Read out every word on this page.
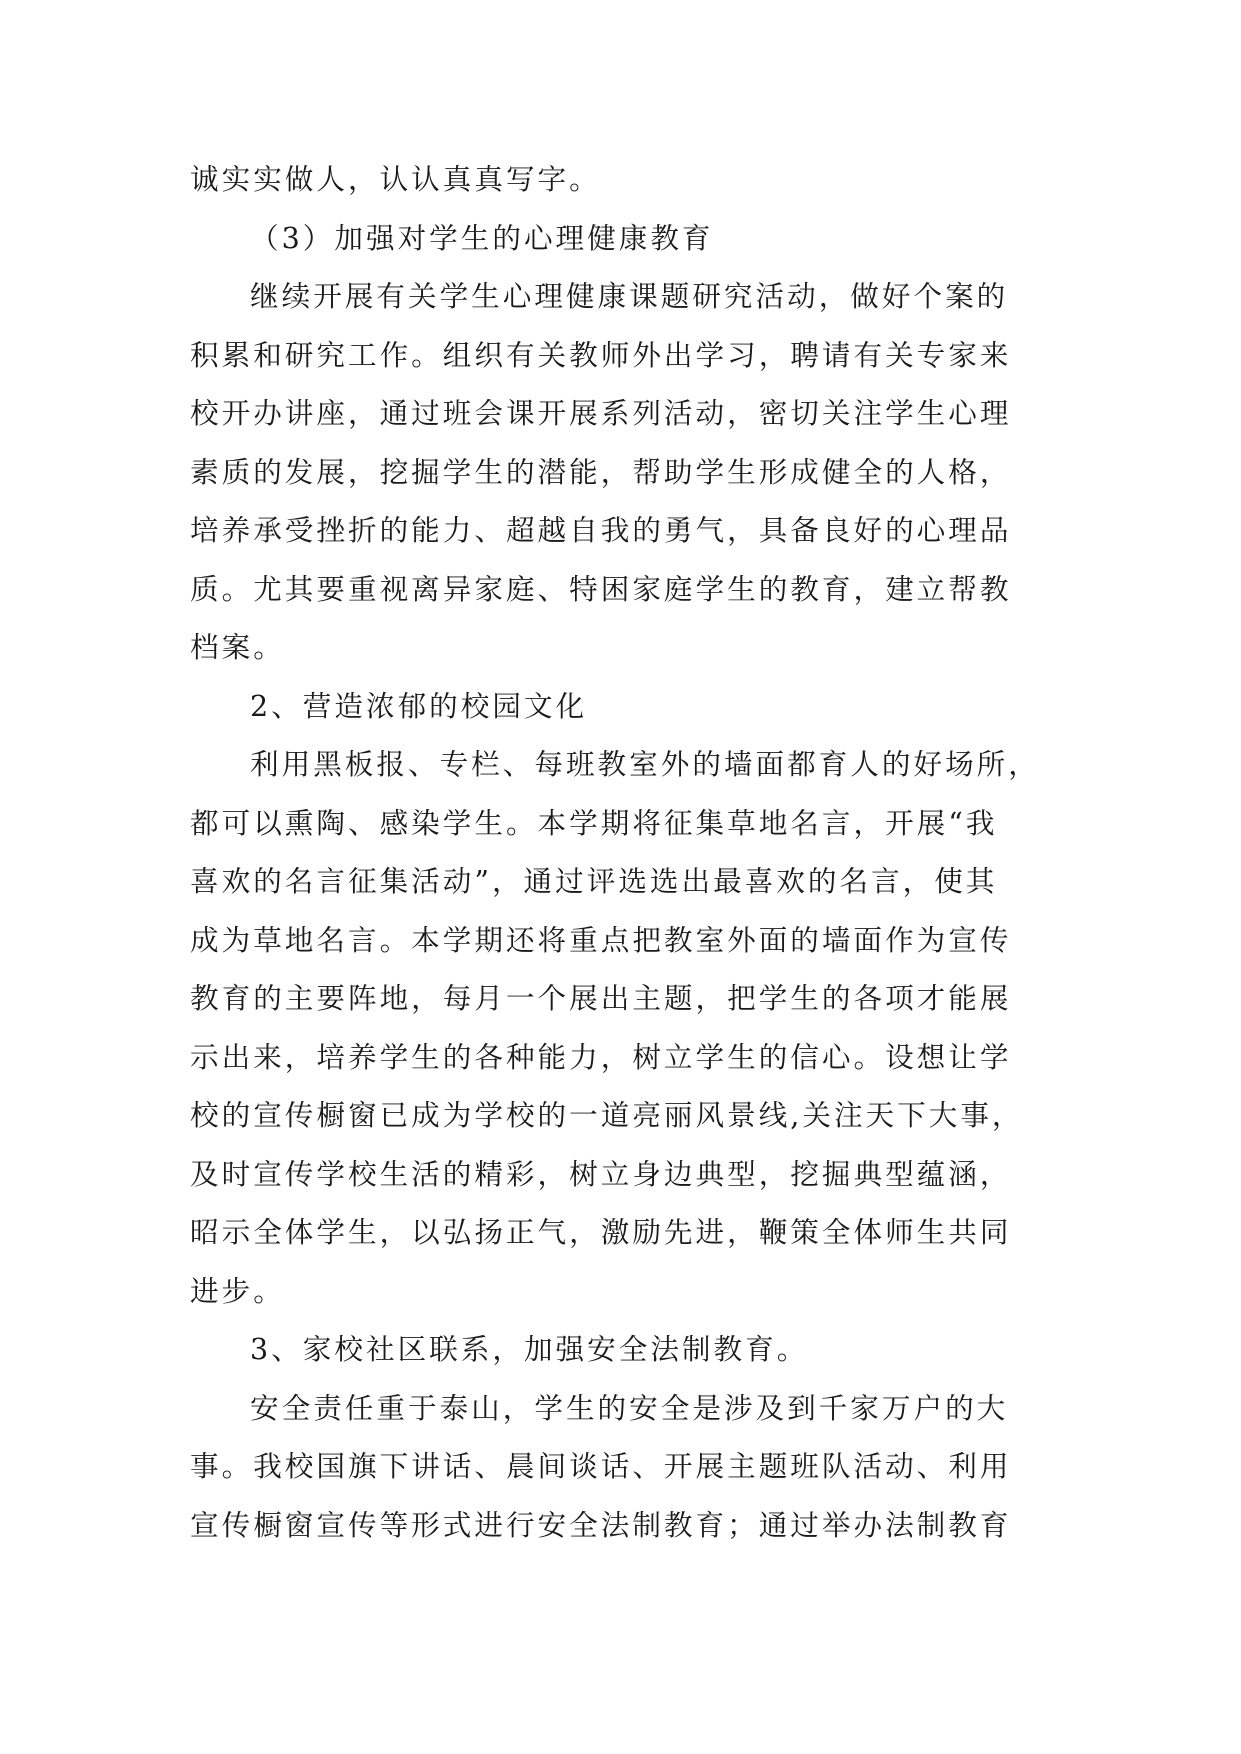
诚实实做人，认认真真写字。
（3）加强对学生的心理健康教育
继续开展有关学生心理健康课题研究活动，做好个案的
积累和研究工作。组织有关教师外出学习，聘请有关专家来
校开办讲座，通过班会课开展系列活动，密切关注学生心理
素质的发展，挖掘学生的潜能，帮助学生形成健全的人格，
培养承受挫折的能力、超越自我的勇气，具备良好的心理品
质。尤其要重视离异家庭、特困家庭学生的教育，建立帮教
档案。
2、营造浓郁的校园文化
利用黑板报、专栏、每班教室外的墙面都育人的好场所，
都可以熏陶、感染学生。本学期将征集草地名言，开展“我
喜欢的名言征集活动”，通过评选选出最喜欢的名言，使其
成为草地名言。本学期还将重点把教室外面的墙面作为宣传
教育的主要阵地，每月一个展出主题，把学生的各项才能展
示出来，培养学生的各种能力，树立学生的信心。设想让学
校的宣传橱窗已成为学校的一道亮丽风景线,关注天下大事，
及时宣传学校生活的精彩，树立身边典型，挖掘典型蕴涵，
昭示全体学生，以弘扬正气，激励先进，鞭策全体师生共同
进步。
3、家校社区联系，加强安全法制教育。
安全责任重于泰山，学生的安全是涉及到千家万户的大
事。我校国旗下讲话、晨间谈话、开展主题班队活动、利用
宣传橱窗宣传等形式进行安全法制教育；通过举办法制教育
